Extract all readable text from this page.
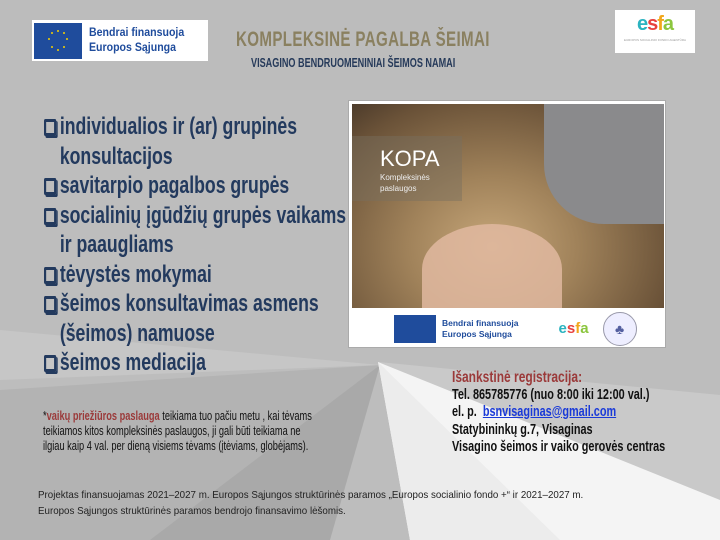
Bendrai finansuoja
Europos Sąjunga	KOMPLEKSINĖ PAGALBA ŠEIMAI
VISAGINO BENDRUOMENINIAI ŠEIMOS NAMAI
esfa
EUROPOS SOCIALINIO FONDO AGENTŪRA
individualios ir (ar) grupinės konsultacijos
savitarpio pagalbos grupės
socialinių įgūdžių grupės vaikams ir paaugliams
tėvystės mokymai
šeimos konsultavimas asmens (šeimos) namuose
šeimos mediacija
KOPA
Kompleksinės
paslaugos
Bendrai finansuoja
Europos Sąjunga	esfa	♣
Išankstinė registracija:
Tel. 865785776 (nuo 8:00 iki 12:00 val.)
el. p. bsnvisaginas@gmail.com
Statybininkų g.7, Visaginas
Visagino šeimos ir vaiko gerovės centras
*vaikų priežiūros paslauga teikiama tuo pačiu metu , kai tėvams teikiamos kitos kompleksinės paslaugos, ji gali būti teikiama ne ilgiau kaip 4 val. per dieną visiems tėvams (įtėviams, globėjams).
Projektas finansuojamas 2021–2027 m. Europos Sąjungos struktūrinės paramos „Europos socialinio fondo +“ ir 2021–2027 m.
Europos Sąjungos struktūrinės paramos bendrojo finansavimo lėšomis.
